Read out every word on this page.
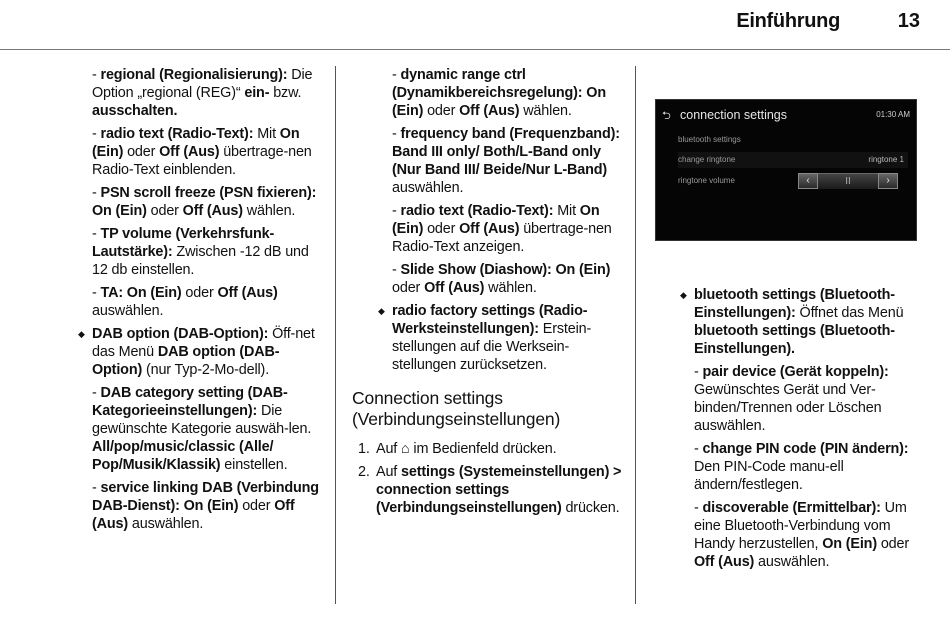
Einführung	13

- regional (Regionalisierung): Die Option „regional (REG)“ ein- bzw. ausschalten.

- radio text (Radio-Text): Mit On (Ein) oder Off (Aus) übertrage-nen Radio-Text einblenden.

- PSN scroll freeze (PSN fixieren): On (Ein) oder Off (Aus) wählen.

- TP volume (Verkehrsfunk-Lautstärke): Zwischen -12 dB und 12 db einstellen.

- TA: On (Ein) oder Off (Aus) auswählen.

◆ DAB option (DAB-Option): Öff-net das Menü DAB option (DAB-Option) (nur Typ-2-Mo-dell).

- DAB category setting (DAB-Kategorieeinstellungen): Die gewünschte Kategorie auswäh-len. All/pop/music/classic (Alle/ Pop/Musik/Klassik) einstellen.

- service linking DAB (Verbindung DAB-Dienst): On (Ein) oder Off (Aus) auswählen.

- dynamic range ctrl (Dynamikbereichsregelung): On (Ein) oder Off (Aus) wählen.

- frequency band (Frequenzband): Band III only/ Both/L-Band only (Nur Band III/ Beide/Nur L-Band) auswählen.

- radio text (Radio-Text): Mit On (Ein) oder Off (Aus) übertrage-nen Radio-Text anzeigen.

- Slide Show (Diashow): On (Ein) oder Off (Aus) wählen.

◆ radio factory settings (Radio-Werksteinstellungen): Erstein-stellungen auf die Werksein-stellungen zurücksetzen.

Connection settings (Verbindungseinstellungen)

1. Auf ⌂ im Bedienfeld drücken.

2. Auf settings (Systemeinstellungen) > connection settings (Verbindungseinstellungen) drücken.

⮌ connection settings	01:30 AM
bluetooth settings
change ringtone	ringtone 1
ringtone volume	‹	II	›

◆ bluetooth settings (Bluetooth-Einstellungen): Öffnet das Menü bluetooth settings (Bluetooth-Einstellungen).

- pair device (Gerät koppeln): Gewünschtes Gerät und Ver-binden/Trennen oder Löschen auswählen.

- change PIN code (PIN ändern): Den PIN-Code manu-ell ändern/festlegen.

- discoverable (Ermittelbar): Um eine Bluetooth-Verbindung vom Handy herzustellen, On (Ein) oder Off (Aus) auswählen.
